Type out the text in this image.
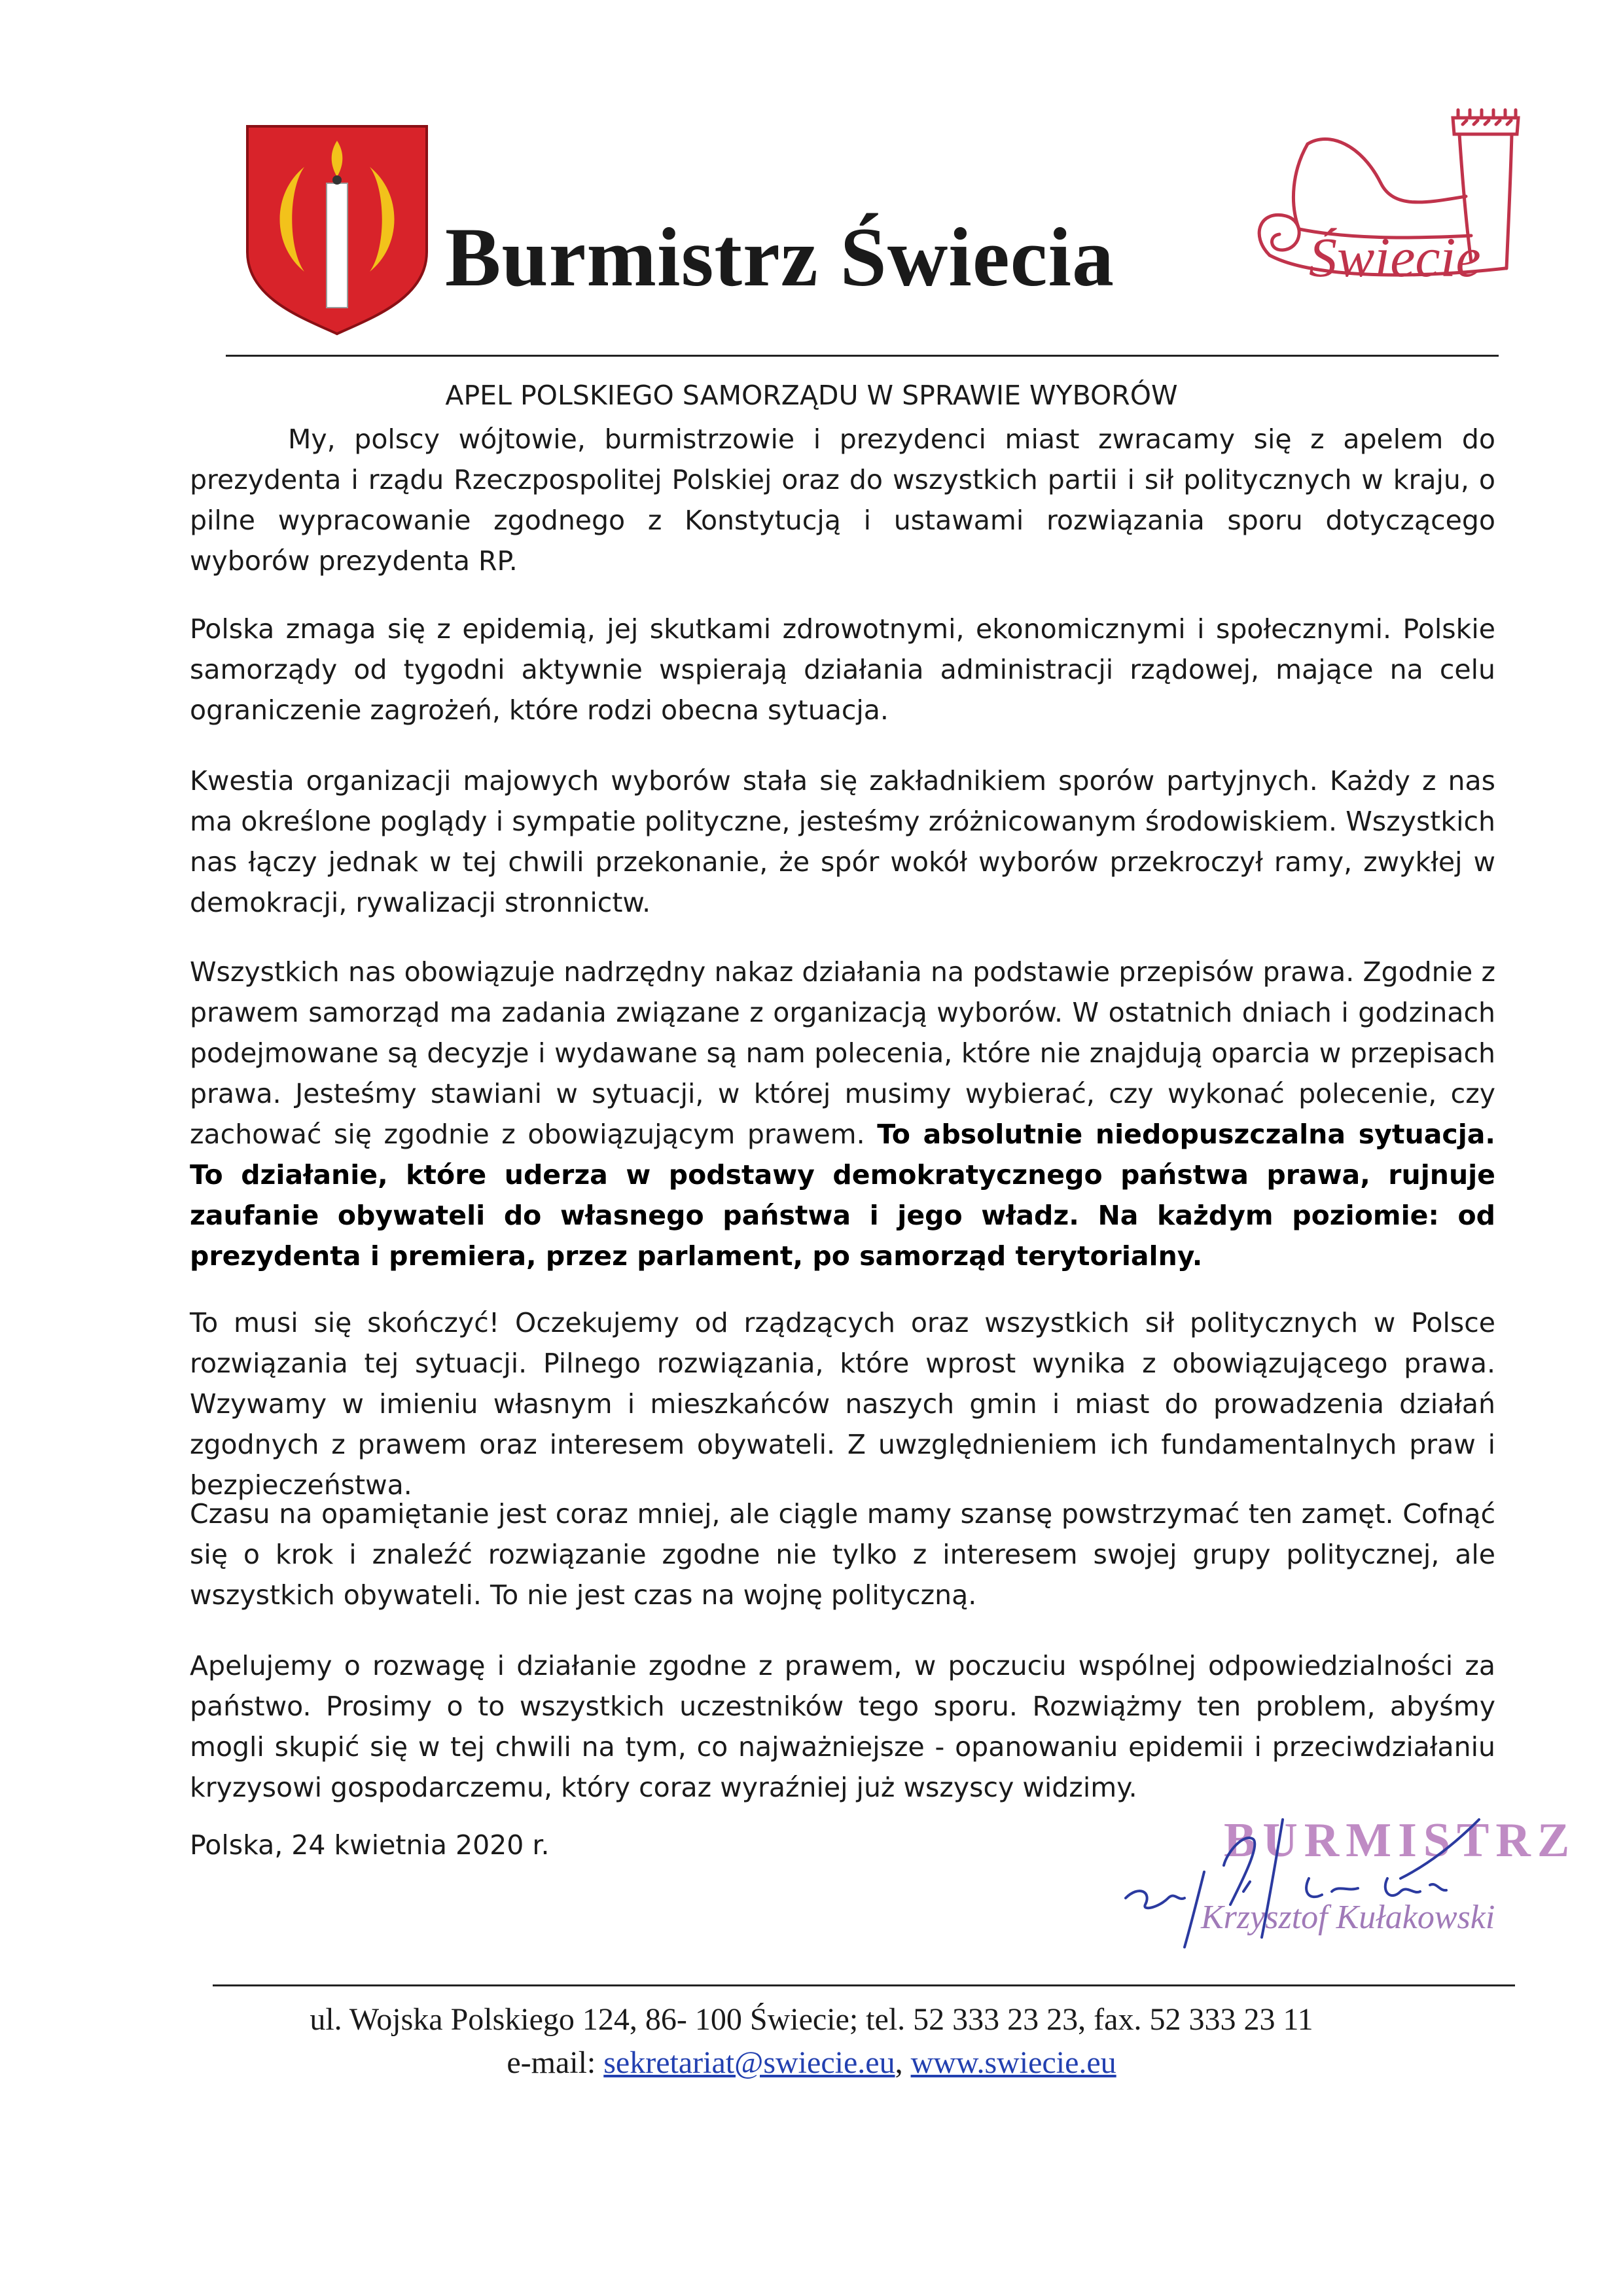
Burmistrz Świecia	Świecie
APEL POLSKIEGO SAMORZĄDU W SPRAWIE WYBORÓW
My, polscy wójtowie, burmistrzowie i prezydenci miast zwracamy się z apelem do prezydenta i rządu Rzeczpospolitej Polskiej oraz do wszystkich partii i sił politycznych w kraju, o pilne wypracowanie zgodnego z Konstytucją i ustawami rozwiązania sporu dotyczącego wyborów prezydenta RP.
Polska zmaga się z epidemią, jej skutkami zdrowotnymi, ekonomicznymi i społecznymi. Polskie samorządy od tygodni aktywnie wspierają działania administracji rządowej, mające na celu ograniczenie zagrożeń, które rodzi obecna sytuacja.
Kwestia organizacji majowych wyborów stała się zakładnikiem sporów partyjnych. Każdy z nas ma określone poglądy i sympatie polityczne, jesteśmy zróżnicowanym środowiskiem. Wszystkich nas łączy jednak w tej chwili przekonanie, że spór wokół wyborów przekroczył ramy, zwykłej w demokracji, rywalizacji stronnictw.
Wszystkich nas obowiązuje nadrzędny nakaz działania na podstawie przepisów prawa. Zgodnie z prawem samorząd ma zadania związane z organizacją wyborów. W ostatnich dniach i godzinach podejmowane są decyzje i wydawane są nam polecenia, które nie znajdują oparcia w przepisach prawa. Jesteśmy stawiani w sytuacji, w której musimy wybierać, czy wykonać polecenie, czy zachować się zgodnie z obowiązującym prawem. To absolutnie niedopuszczalna sytuacja. To działanie, które uderza w podstawy demokratycznego państwa prawa, rujnuje zaufanie obywateli do własnego państwa i jego władz. Na każdym poziomie: od prezydenta i premiera, przez parlament, po samorząd terytorialny.
To musi się skończyć! Oczekujemy od rządzących oraz wszystkich sił politycznych w Polsce rozwiązania tej sytuacji. Pilnego rozwiązania, które wprost wynika z obowiązującego prawa. Wzywamy w imieniu własnym i mieszkańców naszych gmin i miast do prowadzenia działań zgodnych z prawem oraz interesem obywateli. Z uwzględnieniem ich fundamentalnych praw i bezpieczeństwa.
Czasu na opamiętanie jest coraz mniej, ale ciągle mamy szansę powstrzymać ten zamęt. Cofnąć się o krok i znaleźć rozwiązanie zgodne nie tylko z interesem swojej grupy politycznej, ale wszystkich obywateli. To nie jest czas na wojnę polityczną.
Apelujemy o rozwagę i działanie zgodne z prawem, w poczuciu wspólnej odpowiedzialności za państwo. Prosimy o to wszystkich uczestników tego sporu. Rozwiążmy ten problem, abyśmy mogli skupić się w tej chwili na tym, co najważniejsze - opanowaniu epidemii i przeciwdziałaniu kryzysowi gospodarczemu, który coraz wyraźniej już wszyscy widzimy.
Polska, 24 kwietnia 2020 r.	BURMISTRZ
Krzysztof Kułakowski
ul. Wojska Polskiego 124, 86- 100 Świecie; tel. 52 333 23 23, fax. 52 333 23 11
e-mail: sekretariat@swiecie.eu, www.swiecie.eu
